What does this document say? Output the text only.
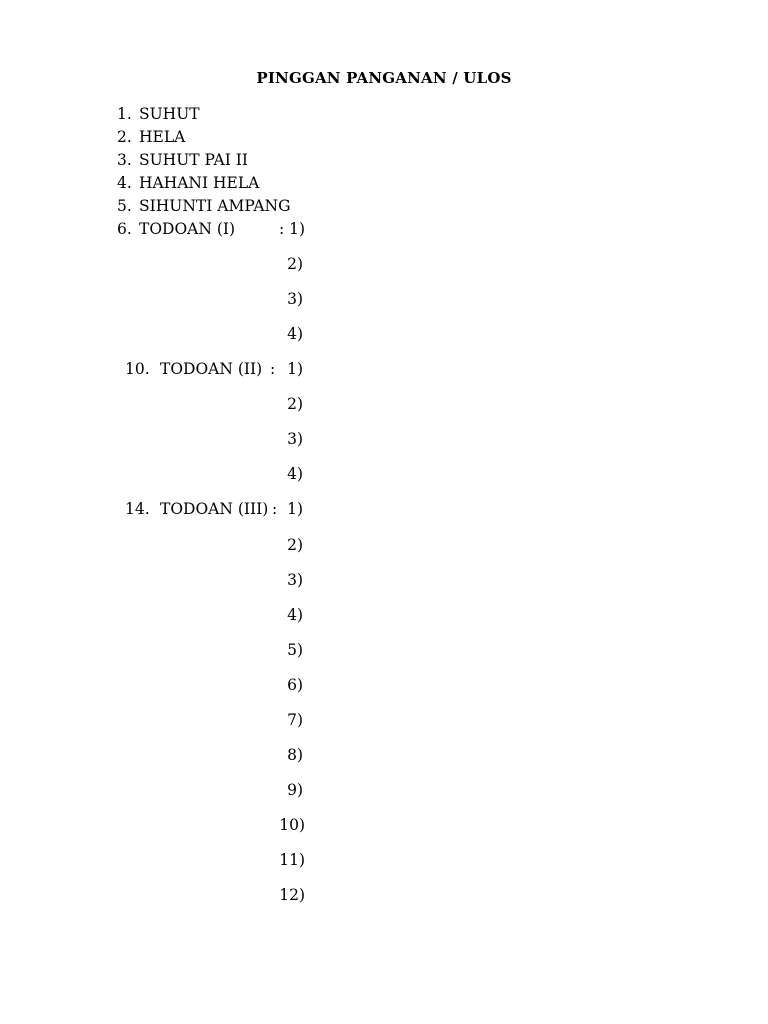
PINGGAN PANGANAN / ULOS
1. SUHUT
2. HELA
3. SUHUT PAI II
4. HAHANI HELA
5. SIHUNTI AMPANG
6. TODOAN (I)	: 1)
2)
3)
4)
10. TODOAN (II) : 1)
2)
3)
4)
14. TODOAN (III) : 1)
2)
3)
4)
5)
6)
7)
8)
9)
10)
11)
12)
